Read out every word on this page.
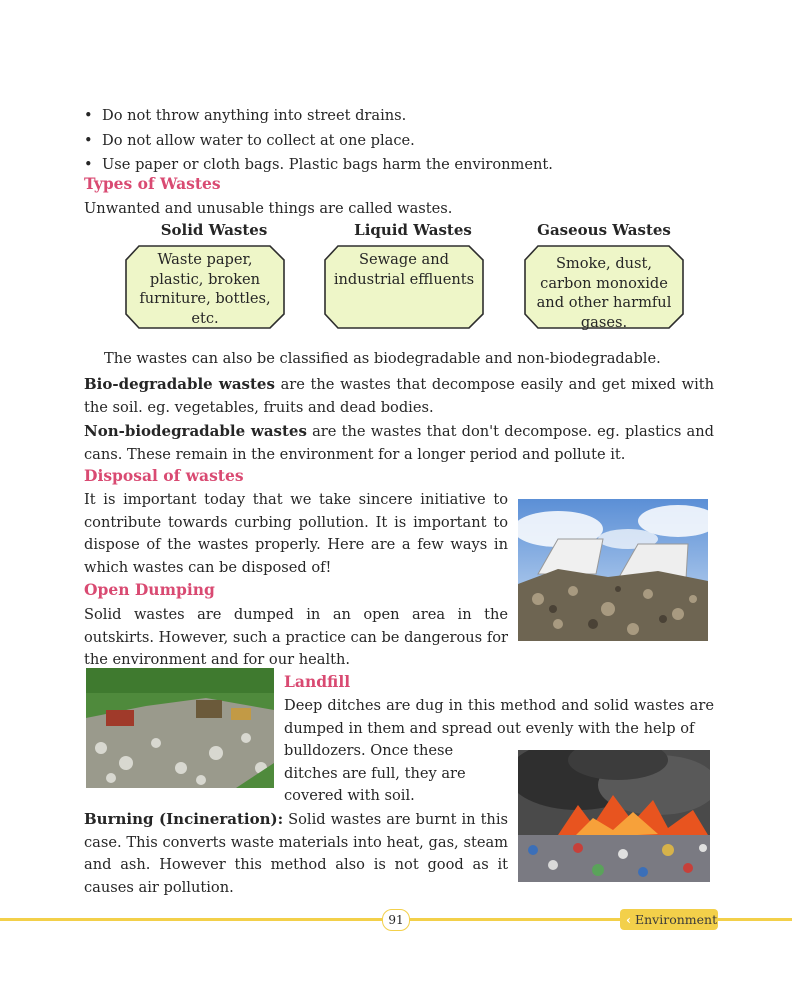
• Do not throw anything into street drains.
• Do not allow water to collect at one place.
• Use paper or cloth bags. Plastic bags harm the environment.
Types of Wastes
Unwanted and unusable things are called wastes.
Solid Wastes	Liquid Wastes	Gaseous Wastes
Waste paper, plastic, broken furniture, bottles, etc.
Sewage and industrial effluents
Smoke, dust, carbon monoxide and other harmful gases.
The wastes can also be classified as biodegradable and non-biodegradable.
Bio-degradable wastes are the wastes that decompose easily and get mixed with the soil. eg. vegetables, fruits and dead bodies.
Non-biodegradable wastes are the wastes that don't decompose. eg. plastics and cans. These remain in the environment for a longer period and pollute it.
Disposal of wastes
It is important today that we take sincere initiative to contribute towards curbing pollution. It is important to dispose of the wastes properly. Here are a few ways in which wastes can be disposed of!
Open Dumping
Solid wastes are dumped in an open area in the outskirts. However, such a practice can be dangerous for the environment and for our health.
Landfill
Deep ditches are dug in this method and solid wastes are dumped in them and spread out evenly with the help of
bulldozers. Once these ditches are full, they are covered with soil.
Burning (Incineration): Solid wastes are burnt in this case. This converts waste materials into heat, gas, steam and ash. However this method also is not good as it causes air pollution.
91	‹ Environment
